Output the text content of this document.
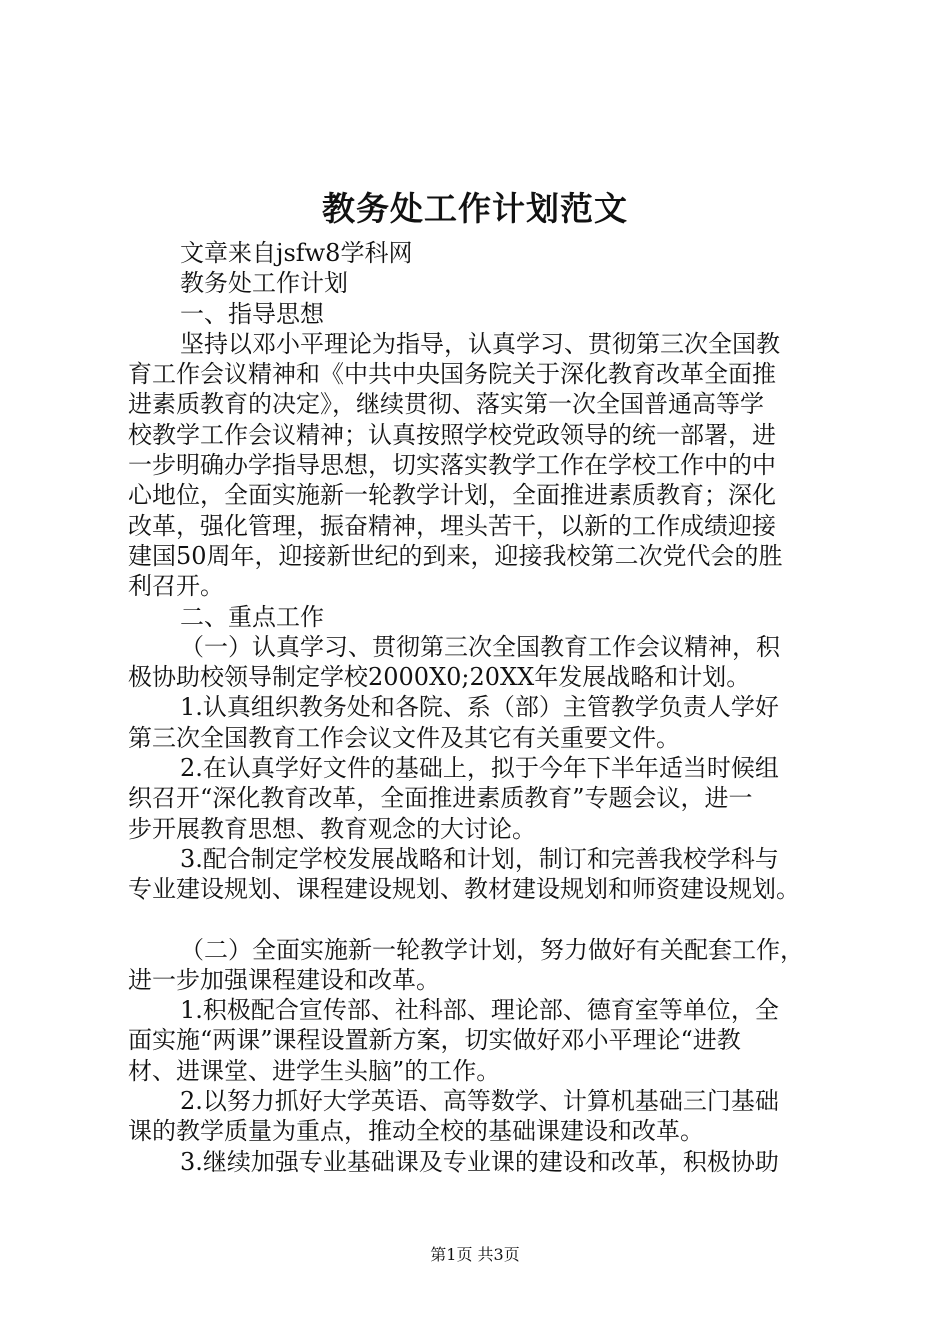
教务处工作计划范文
文章来自jsfw8学科网
教务处工作计划
一、指导思想
坚持以邓小平理论为指导，认真学习、贯彻第三次全国教
育工作会议精神和《中共中央国务院关于深化教育改革全面推
进素质教育的决定》，继续贯彻、落实第一次全国普通高等学
校教学工作会议精神；认真按照学校党政领导的统一部署，进
一步明确办学指导思想，切实落实教学工作在学校工作中的中
心地位，全面实施新一轮教学计划，全面推进素质教育；深化
改革，强化管理，振奋精神，埋头苦干，以新的工作成绩迎接
建国50周年，迎接新世纪的到来，迎接我校第二次党代会的胜
利召开。
二、重点工作
（一）认真学习、贯彻第三次全国教育工作会议精神，积
极协助校领导制定学校2000X0;20XX年发展战略和计划。
1.认真组织教务处和各院、系（部）主管教学负责人学好
第三次全国教育工作会议文件及其它有关重要文件。
2.在认真学好文件的基础上，拟于今年下半年适当时候组
织召开“深化教育改革，全面推进素质教育”专题会议，进一
步开展教育思想、教育观念的大讨论。
3.配合制定学校发展战略和计划，制订和完善我校学科与
专业建设规划、课程建设规划、教材建设规划和师资建设规划。
（二）全面实施新一轮教学计划，努力做好有关配套工作，
进一步加强课程建设和改革。
1.积极配合宣传部、社科部、理论部、德育室等单位，全
面实施“两课”课程设置新方案，切实做好邓小平理论“进教
材、进课堂、进学生头脑”的工作。
2.以努力抓好大学英语、高等数学、计算机基础三门基础
课的教学质量为重点，推动全校的基础课建设和改革。
3.继续加强专业基础课及专业课的建设和改革，积极协助
第1页 共3页
